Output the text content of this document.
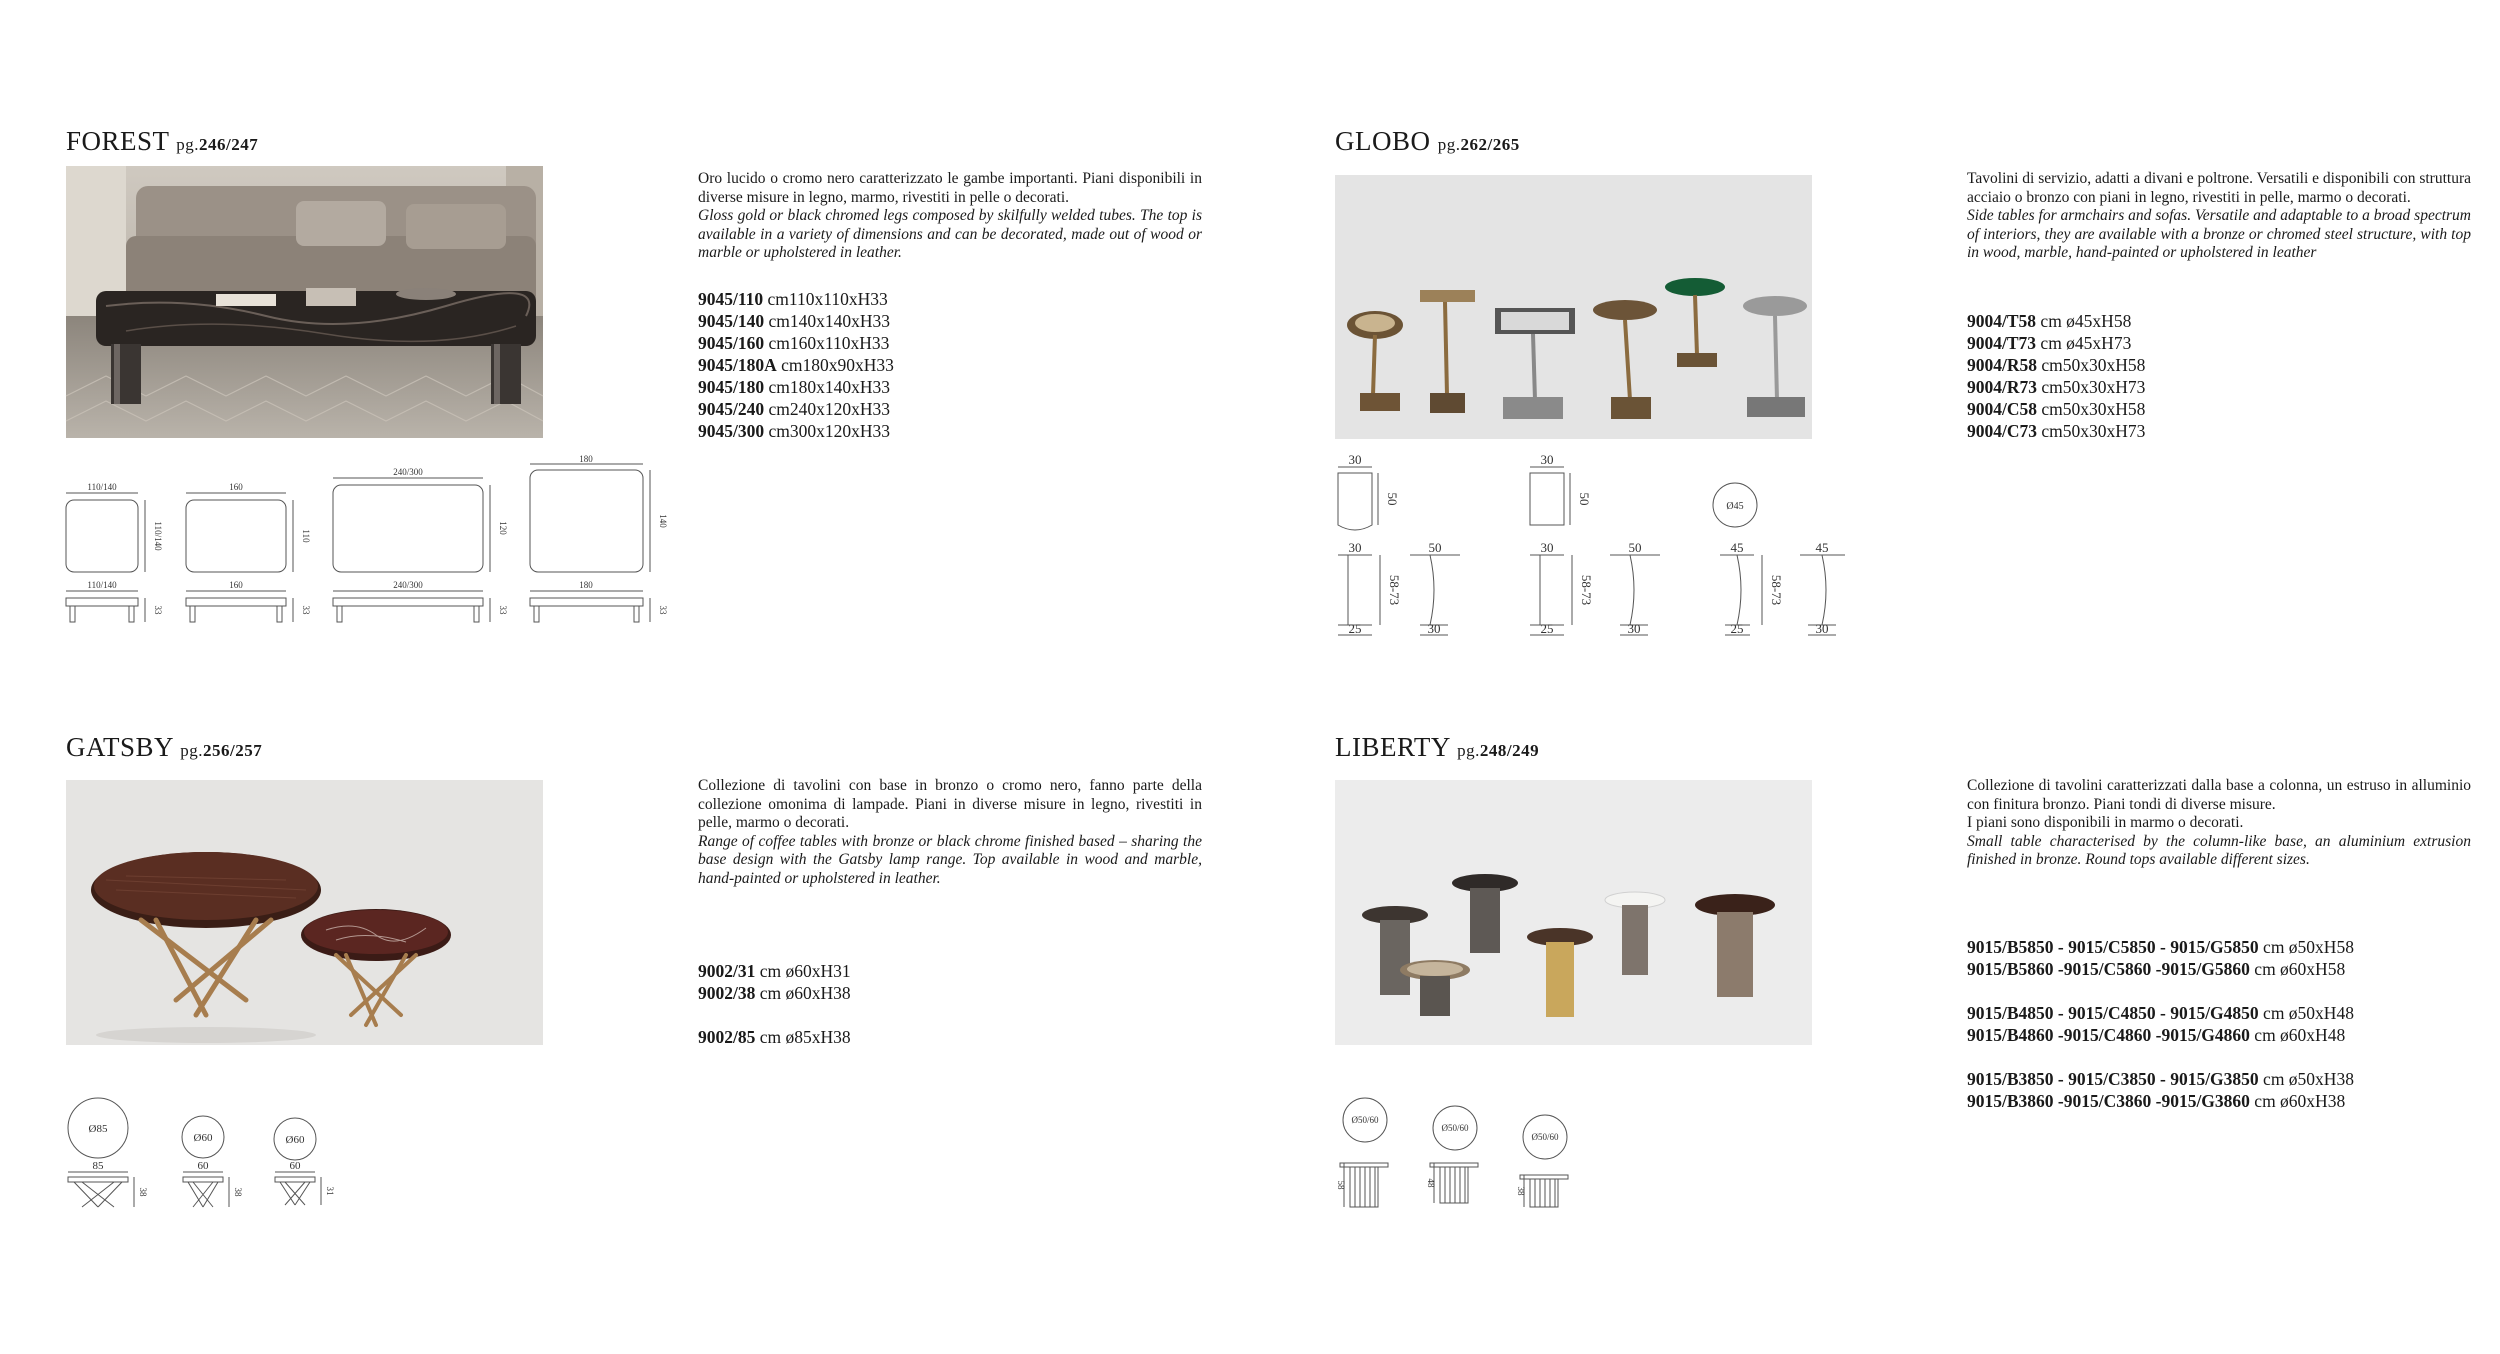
FOREST pg.246/247
Oro lucido o cromo nero caratterizzato le gambe importanti. Piani disponibili in diverse misure in legno, marmo, rivestiti in pelle o decorati.
Gloss gold or black chromed legs composed by skilfully welded tubes. The top is available in a variety of dimensions and can be decorated, made out of wood or marble or upholstered in leather.
9045/110 cm110x110xH33
9045/140 cm140x140xH33
9045/160 cm160x110xH33
9045/180A cm180x90xH33
9045/180 cm180x140xH33
9045/240 cm240x120xH33
9045/300 cm300x120xH33
110/140	160
240/300
180
110/140	160	240/300	180
110/140	110
120
140
33	33	33	33
GLOBO pg.262/265
Tavolini di servizio, adatti a divani e poltrone. Versatili e disponibili con struttura acciaio o bronzo con piani in legno, rivestiti in pelle, marmo o decorati.
Side tables for armchairs and sofas. Versatile and adaptable to a broad spectrum of interiors, they are available with a bronze or chromed steel structure, with top in wood, marble, hand-painted or upholstered in leather
9004/T58 cm ø45xH58
9004/T73 cm ø45xH73
9004/R58 cm50x30xH58
9004/R73 cm50x30xH73
9004/C58 cm50x30xH58
9004/C73 cm50x30xH73
30	30
50	50
Ø45
30	50	30	50	45	45
58-73	58-73	58-73
25	30	25	30	25	30
GATSBY pg.256/257
Collezione di tavolini con base in bronzo o cromo nero, fanno parte della collezione omonima di lampade. Piani in diverse misure in legno, rivestiti in pelle, marmo o decorati.
Range of coffee tables with bronze or black chrome finished based – sharing the base design with the Gatsby lamp range. Top available in wood and marble, hand-painted or upholstered in leather.
9002/31 cm ø60xH31
9002/38 cm ø60xH38
9002/85 cm ø85xH38
Ø85
Ø60	Ø60
85	60	60
38	38	31
LIBERTY pg.248/249
Collezione di tavolini caratterizzati dalla base a colonna, un estruso in alluminio con finitura bronzo. Piani tondi di diverse misure.
I piani sono disponibili in marmo o decorati.
Small table characterised by the column-like base, an aluminium extrusion finished in bronze. Round tops available different sizes.
9015/B5850 - 9015/C5850 - 9015/G5850 cm ø50xH58
9015/B5860 -9015/C5860 -9015/G5860 cm ø60xH58
9015/B4850 - 9015/C4850 - 9015/G4850 cm ø50xH48
9015/B4860 -9015/C4860 -9015/G4860 cm ø60xH48
9015/B3850 - 9015/C3850 - 9015/G3850 cm ø50xH38
9015/B3860 -9015/C3860 -9015/G3860 cm ø60xH38
Ø50/60
Ø50/60
Ø50/60
58	48
38
